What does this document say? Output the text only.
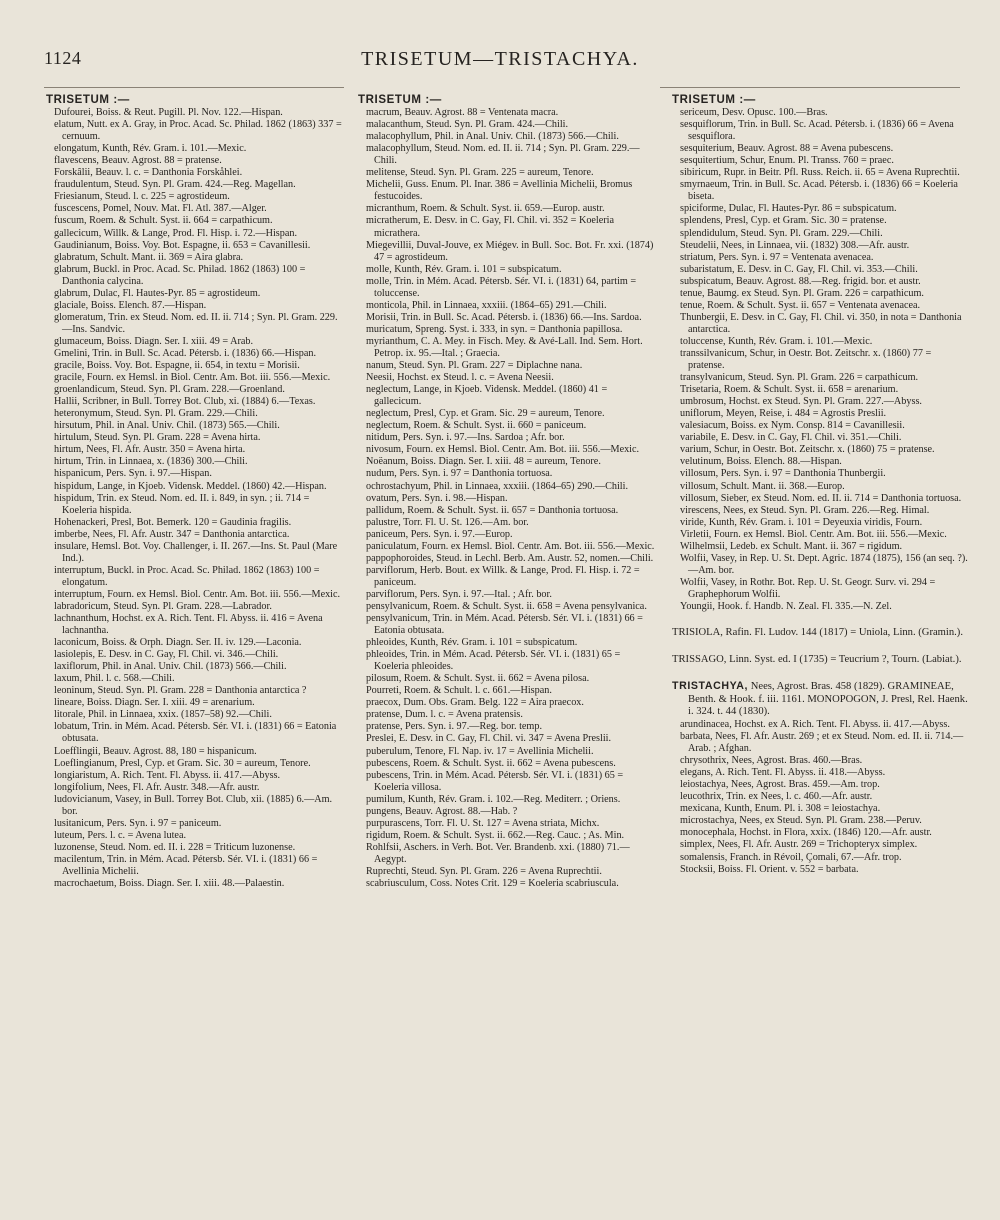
1124	TRISETUM—TRISTACHYA.
TRISETUM :—
Dufourei, Boiss. & Reut. Pugill. Pl. Nov. 122.—Hispan.
elatum, Nutt. ex A. Gray, in Proc. Acad. Sc. Philad. 1862 (1863) 337 = cernuum.
elongatum, Kunth, Rév. Gram. i. 101.—Mexic.
flavescens, Beauv. Agrost. 88 = pratense.
Forskâlii, Beauv. l. c. = Danthonia Forskåhlei.
fraudulentum, Steud. Syn. Pl. Gram. 424.—Reg. Magellan.
Friesianum, Steud. l. c. 225 = agrostideum.
fuscescens, Pomel, Nouv. Mat. Fl. Atl. 387.—Alger.
fuscum, Roem. & Schult. Syst. ii. 664 = carpathicum.
gallecicum, Willk. & Lange, Prod. Fl. Hisp. i. 72.—Hispan.
Gaudinianum, Boiss. Voy. Bot. Espagne, ii. 653 = Cavanillesii.
glabratum, Schult. Mant. ii. 369 = Aira glabra.
glabrum, Buckl. in Proc. Acad. Sc. Philad. 1862 (1863) 100 = Danthonia calycina.
glabrum, Dulac, Fl. Hautes-Pyr. 85 = agrostideum.
glaciale, Boiss. Elench. 87.—Hispan.
glomeratum, Trin. ex Steud. Nom. ed. II. ii. 714 ; Syn. Pl. Gram. 229.—Ins. Sandvic.
glumaceum, Boiss. Diagn. Ser. I. xiii. 49 = Arab.
Gmelini, Trin. in Bull. Sc. Acad. Pétersb. i. (1836) 66.—Hispan.
gracile, Boiss. Voy. Bot. Espagne, ii. 654, in textu = Morisii.
gracile, Fourn. ex Hemsl. in Biol. Centr. Am. Bot. iii. 556.—Mexic.
groenlandicum, Steud. Syn. Pl. Gram. 228.—Groenland.
Hallii, Scribner, in Bull. Torrey Bot. Club, xi. (1884) 6.—Texas.
heteronymum, Steud. Syn. Pl. Gram. 229.—Chili.
hirsutum, Phil. in Anal. Univ. Chil. (1873) 565.—Chili.
hirtulum, Steud. Syn. Pl. Gram. 228 = Avena hirta.
hirtum, Nees, Fl. Afr. Austr. 350 = Avena hirta.
hirtum, Trin. in Linnaea, x. (1836) 300.—Chili.
hispanicum, Pers. Syn. i. 97.—Hispan.
hispidum, Lange, in Kjoeb. Vidensk. Meddel. (1860) 42.—Hispan.
hispidum, Trin. ex Steud. Nom. ed. II. i. 849, in syn. ; ii. 714 = Koeleria hispida.
Hohenackeri, Presl, Bot. Bemerk. 120 = Gaudinia fragilis.
imberbe, Nees, Fl. Afr. Austr. 347 = Danthonia antarctica.
insulare, Hemsl. Bot. Voy. Challenger, i. II. 267.—Ins. St. Paul (Mare Ind.).
interruptum, Buckl. in Proc. Acad. Sc. Philad. 1862 (1863) 100 = elongatum.
interruptum, Fourn. ex Hemsl. Biol. Centr. Am. Bot. iii. 556.—Mexic.
labradoricum, Steud. Syn. Pl. Gram. 228.—Labrador.
lachnanthum, Hochst. ex A. Rich. Tent. Fl. Abyss. ii. 416 = Avena lachnantha.
laconicum, Boiss. & Orph. Diagn. Ser. II. iv. 129.—Laconia.
lasiolepis, E. Desv. in C. Gay, Fl. Chil. vi. 346.—Chili.
laxiflorum, Phil. in Anal. Univ. Chil. (1873) 566.—Chili.
laxum, Phil. l. c. 568.—Chili.
leoninum, Steud. Syn. Pl. Gram. 228 = Danthonia antarctica ?
lineare, Boiss. Diagn. Ser. I. xiii. 49 = arenarium.
litorale, Phil. in Linnaea, xxix. (1857–58) 92.—Chili.
lobatum, Trin. in Mém. Acad. Pétersb. Sér. VI. i. (1831) 66 = Eatonia obtusata.
Loefflingii, Beauv. Agrost. 88, 180 = hispanicum.
Loeflingianum, Presl, Cyp. et Gram. Sic. 30 = aureum, Tenore.
longiaristum, A. Rich. Tent. Fl. Abyss. ii. 417.—Abyss.
longifolium, Nees, Fl. Afr. Austr. 348.—Afr. austr.
ludovicianum, Vasey, in Bull. Torrey Bot. Club, xii. (1885) 6.—Am. bor.
lusitanicum, Pers. Syn. i. 97 = paniceum.
luteum, Pers. l. c. = Avena lutea.
luzonense, Steud. Nom. ed. II. i. 228 = Triticum luzonense.
macilentum, Trin. in Mém. Acad. Pétersb. Sér. VI. i. (1831) 66 = Avellinia Michelii.
macrochaetum, Boiss. Diagn. Ser. I. xiii. 48.—Palaestin.
TRISETUM :—
macrum, Beauv. Agrost. 88 = Ventenata macra.
malacanthum, Steud. Syn. Pl. Gram. 424.—Chili.
malacophyllum, Phil. in Anal. Univ. Chil. (1873) 566.—Chili.
malacophyllum, Steud. Nom. ed. II. ii. 714 ; Syn. Pl. Gram. 229.—Chili.
melitense, Steud. Syn. Pl. Gram. 225 = aureum, Tenore.
Michelii, Guss. Enum. Pl. Inar. 386 = Avellinia Michelii, Bromus festucoides.
micranthum, Roem. & Schult. Syst. ii. 659.—Europ. austr.
micratherum, E. Desv. in C. Gay, Fl. Chil. vi. 352 = Koeleria micrathera.
Miegevillii, Duval-Jouve, ex Miégev. in Bull. Soc. Bot. Fr. xxi. (1874) 47 = agrostideum.
molle, Kunth, Rév. Gram. i. 101 = subspicatum.
molle, Trin. in Mém. Acad. Pétersb. Sér. VI. i. (1831) 64, partim = toluccense.
monticola, Phil. in Linnaea, xxxiii. (1864–65) 291.—Chili.
Morisii, Trin. in Bull. Sc. Acad. Pétersb. i. (1836) 66.—Ins. Sardoa.
muricatum, Spreng. Syst. i. 333, in syn. = Danthonia papillosa.
myrianthum, C. A. Mey. in Fisch. Mey. & Avé-Lall. Ind. Sem. Hort. Petrop. ix. 95.—Ital. ; Graecia.
nanum, Steud. Syn. Pl. Gram. 227 = Diplachne nana.
Neesii, Hochst. ex Steud. l. c. = Avena Neesii.
neglectum, Lange, in Kjoeb. Vidensk. Meddel. (1860) 41 = gallecicum.
neglectum, Presl, Cyp. et Gram. Sic. 29 = aureum, Tenore.
neglectum, Roem. & Schult. Syst. ii. 660 = paniceum.
nitidum, Pers. Syn. i. 97.—Ins. Sardoa ; Afr. bor.
nivosum, Fourn. ex Hemsl. Biol. Centr. Am. Bot. iii. 556.—Mexic.
Noëanum, Boiss. Diagn. Ser. I. xiii. 48 = aureum, Tenore.
nudum, Pers. Syn. i. 97 = Danthonia tortuosa.
ochrostachyum, Phil. in Linnaea, xxxiii. (1864–65) 290.—Chili.
ovatum, Pers. Syn. i. 98.—Hispan.
pallidum, Roem. & Schult. Syst. ii. 657 = Danthonia tortuosa.
palustre, Torr. Fl. U. St. 126.—Am. bor.
paniceum, Pers. Syn. i. 97.—Europ.
paniculatum, Fourn. ex Hemsl. Biol. Centr. Am. Bot. iii. 556.—Mexic.
pappophoroides, Steud. in Lechl. Berb. Am. Austr. 52, nomen.—Chili.
parviflorum, Herb. Bout. ex Willk. & Lange, Prod. Fl. Hisp. i. 72 = paniceum.
parviflorum, Pers. Syn. i. 97.—Ital. ; Afr. bor.
pensylvanicum, Roem. & Schult. Syst. ii. 658 = Avena pensylvanica.
pensylvanicum, Trin. in Mém. Acad. Pétersb. Sér. VI. i. (1831) 66 = Eatonia obtusata.
phleoides, Kunth, Rév. Gram. i. 101 = subspicatum.
phleoides, Trin. in Mém. Acad. Pétersb. Sér. VI. i. (1831) 65 = Koeleria phleoides.
pilosum, Roem. & Schult. Syst. ii. 662 = Avena pilosa.
Pourreti, Roem. & Schult. l. c. 661.—Hispan.
praecox, Dum. Obs. Gram. Belg. 122 = Aira praecox.
pratense, Dum. l. c. = Avena pratensis.
pratense, Pers. Syn. i. 97.—Reg. bor. temp.
Preslei, E. Desv. in C. Gay, Fl. Chil. vi. 347 = Avena Preslii.
puberulum, Tenore, Fl. Nap. iv. 17 = Avellinia Michelii.
pubescens, Roem. & Schult. Syst. ii. 662 = Avena pubescens.
pubescens, Trin. in Mém. Acad. Pétersb. Sér. VI. i. (1831) 65 = Koeleria villosa.
pumilum, Kunth, Rév. Gram. i. 102.—Reg. Mediterr. ; Oriens.
pungens, Beauv. Agrost. 88.—Hab. ?
purpurascens, Torr. Fl. U. St. 127 = Avena striata, Michx.
rigidum, Roem. & Schult. Syst. ii. 662.—Reg. Cauc. ; As. Min.
Rohlfsii, Aschers. in Verh. Bot. Ver. Brandenb. xxi. (1880) 71.—Aegypt.
Ruprechti, Steud. Syn. Pl. Gram. 226 = Avena Ruprechtii.
scabriusculum, Coss. Notes Crit. 129 = Koeleria scabriuscula.
TRISETUM :—
sericeum, Desv. Opusc. 100.—Bras.
sesquiflorum, Trin. in Bull. Sc. Acad. Pétersb. i. (1836) 66 = Avena sesquiflora.
sesquiterium, Beauv. Agrost. 88 = Avena pubescens.
sesquitertium, Schur, Enum. Pl. Transs. 760 = praec.
sibiricum, Rupr. in Beitr. Pfl. Russ. Reich. ii. 65 = Avena Ruprechtii.
smyrnaeum, Trin. in Bull. Sc. Acad. Pétersb. i. (1836) 66 = Koeleria biseta.
spiciforme, Dulac, Fl. Hautes-Pyr. 86 = subspicatum.
splendens, Presl, Cyp. et Gram. Sic. 30 = pratense.
splendidulum, Steud. Syn. Pl. Gram. 229.—Chili.
Steudelii, Nees, in Linnaea, vii. (1832) 308.—Afr. austr.
striatum, Pers. Syn. i. 97 = Ventenata avenacea.
subaristatum, E. Desv. in C. Gay, Fl. Chil. vi. 353.—Chili.
subspicatum, Beauv. Agrost. 88.—Reg. frigid. bor. et austr.
tenue, Baumg. ex Steud. Syn. Pl. Gram. 226 = carpathicum.
tenue, Roem. & Schult. Syst. ii. 657 = Ventenata avenacea.
Thunbergii, E. Desv. in C. Gay, Fl. Chil. vi. 350, in nota = Danthonia antarctica.
toluccense, Kunth, Rév. Gram. i. 101.—Mexic.
transsilvanicum, Schur, in Oestr. Bot. Zeitschr. x. (1860) 77 = pratense.
transylvanicum, Steud. Syn. Pl. Gram. 226 = carpathicum.
Trisetaria, Roem. & Schult. Syst. ii. 658 = arenarium.
umbrosum, Hochst. ex Steud. Syn. Pl. Gram. 227.—Abyss.
uniflorum, Meyen, Reise, i. 484 = Agrostis Preslii.
valesiacum, Boiss. ex Nym. Consp. 814 = Cavanillesii.
variabile, E. Desv. in C. Gay, Fl. Chil. vi. 351.—Chili.
varium, Schur, in Oestr. Bot. Zeitschr. x. (1860) 75 = pratense.
velutinum, Boiss. Elench. 88.—Hispan.
villosum, Pers. Syn. i. 97 = Danthonia Thunbergii.
villosum, Schult. Mant. ii. 368.—Europ.
villosum, Sieber, ex Steud. Nom. ed. II. ii. 714 = Danthonia tortuosa.
virescens, Nees, ex Steud. Syn. Pl. Gram. 226.—Reg. Himal.
viride, Kunth, Rév. Gram. i. 101 = Deyeuxia viridis, Fourn.
Virletii, Fourn. ex Hemsl. Biol. Centr. Am. Bot. iii. 556.—Mexic.
Wilhelmsii, Ledeb. ex Schult. Mant. ii. 367 = rigidum.
Wolfii, Vasey, in Rep. U. St. Dept. Agric. 1874 (1875), 156 (an seq. ?).—Am. bor.
Wolfii, Vasey, in Rothr. Bot. Rep. U. St. Geogr. Surv. vi. 294 = Graphephorum Wolfii.
Youngii, Hook. f. Handb. N. Zeal. Fl. 335.—N. Zel.
TRISIOLA, Rafin. Fl. Ludov. 144 (1817) = Uniola, Linn. (Gramin.).
TRISSAGO, Linn. Syst. ed. I (1735) = Teucrium ?, Tourn. (Labiat.).
TRISTACHYA, Nees, Agrost. Bras. 458 (1829). GRAMINEAE, Benth. & Hook. f. iii. 1161. MONOPOGON, J. Presl, Rel. Haenk. i. 324. t. 44 (1830).
arundinacea, Hochst. ex A. Rich. Tent. Fl. Abyss. ii. 417.—Abyss.
barbata, Nees, Fl. Afr. Austr. 269 ; et ex Steud. Nom. ed. II. ii. 714.—Arab. ; Afghan.
chrysothrix, Nees, Agrost. Bras. 460.—Bras.
elegans, A. Rich. Tent. Fl. Abyss. ii. 418.—Abyss.
leiostachya, Nees, Agrost. Bras. 459.—Am. trop.
leucothrix, Trin. ex Nees, l. c. 460.—Afr. austr.
mexicana, Kunth, Enum. Pl. i. 308 = leiostachya.
microstachya, Nees, ex Steud. Syn. Pl. Gram. 238.—Peruv.
monocephala, Hochst. in Flora, xxix. (1846) 120.—Afr. austr.
simplex, Nees, Fl. Afr. Austr. 269 = Trichopteryx simplex.
somalensis, Franch. in Révoil, Çomali, 67.—Afr. trop.
Stocksii, Boiss. Fl. Orient. v. 552 = barbata.
